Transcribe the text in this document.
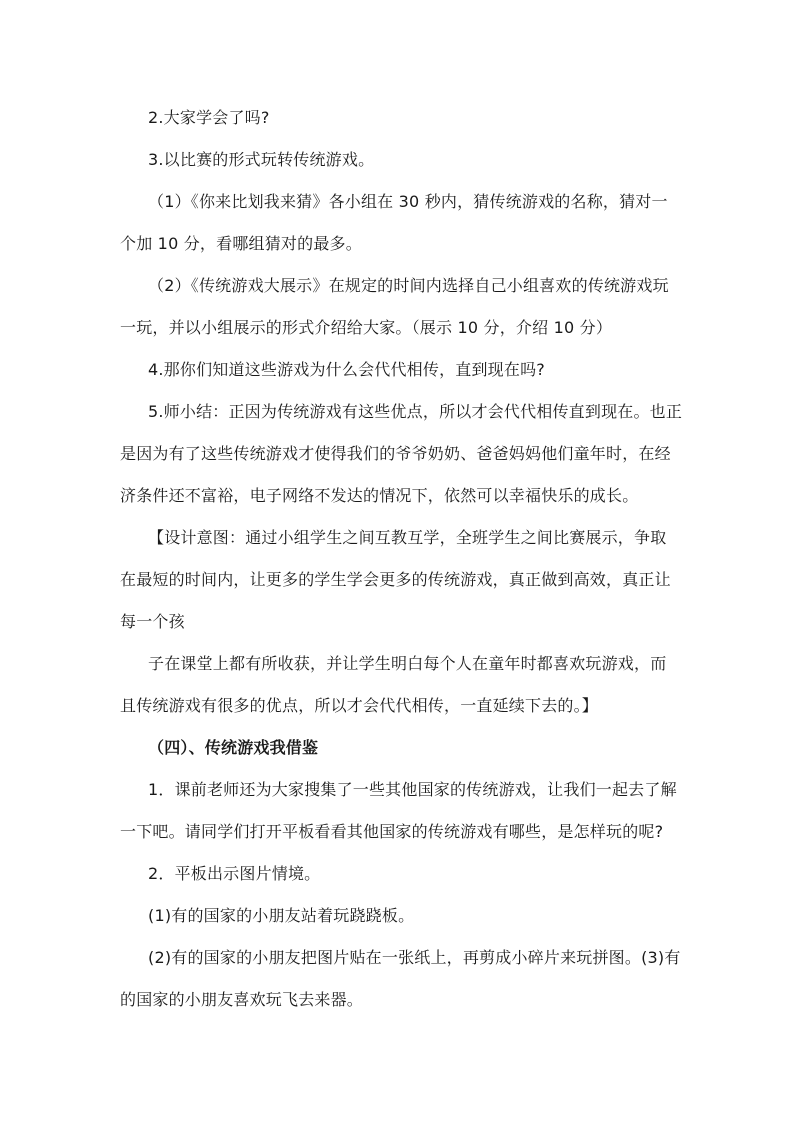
2.大家学会了吗?
3.以比赛的形式玩转传统游戏。
（1）《你来比划我来猜》各小组在 30 秒内，猜传统游戏的名称，猜对一
个加 10 分，看哪组猜对的最多。
（2）《传统游戏大展示》在规定的时间内选择自己小组喜欢的传统游戏玩
一玩，并以小组展示的形式介绍给大家。（展示 10 分，介绍 10 分）
4.那你们知道这些游戏为什么会代代相传，直到现在吗?
5.师小结：正因为传统游戏有这些优点，所以才会代代相传直到现在。也正
是因为有了这些传统游戏才使得我们的爷爷奶奶、爸爸妈妈他们童年时，在经
济条件还不富裕，电子网络不发达的情况下，依然可以幸福快乐的成长。
【设计意图：通过小组学生之间互教互学，全班学生之间比赛展示，争取
在最短的时间内，让更多的学生学会更多的传统游戏，真正做到高效，真正让
每一个孩
子在课堂上都有所收获，并让学生明白每个人在童年时都喜欢玩游戏，而
且传统游戏有很多的优点，所以才会代代相传，一直延续下去的。】
（四）、传统游戏我借鉴
1．课前老师还为大家搜集了一些其他国家的传统游戏，让我们一起去了解
一下吧。请同学们打开平板看看其他国家的传统游戏有哪些，是怎样玩的呢?
2．平板出示图片情境。
(1)有的国家的小朋友站着玩跷跷板。
(2)有的国家的小朋友把图片贴在一张纸上，再剪成小碎片来玩拼图。(3)有
的国家的小朋友喜欢玩飞去来器。
